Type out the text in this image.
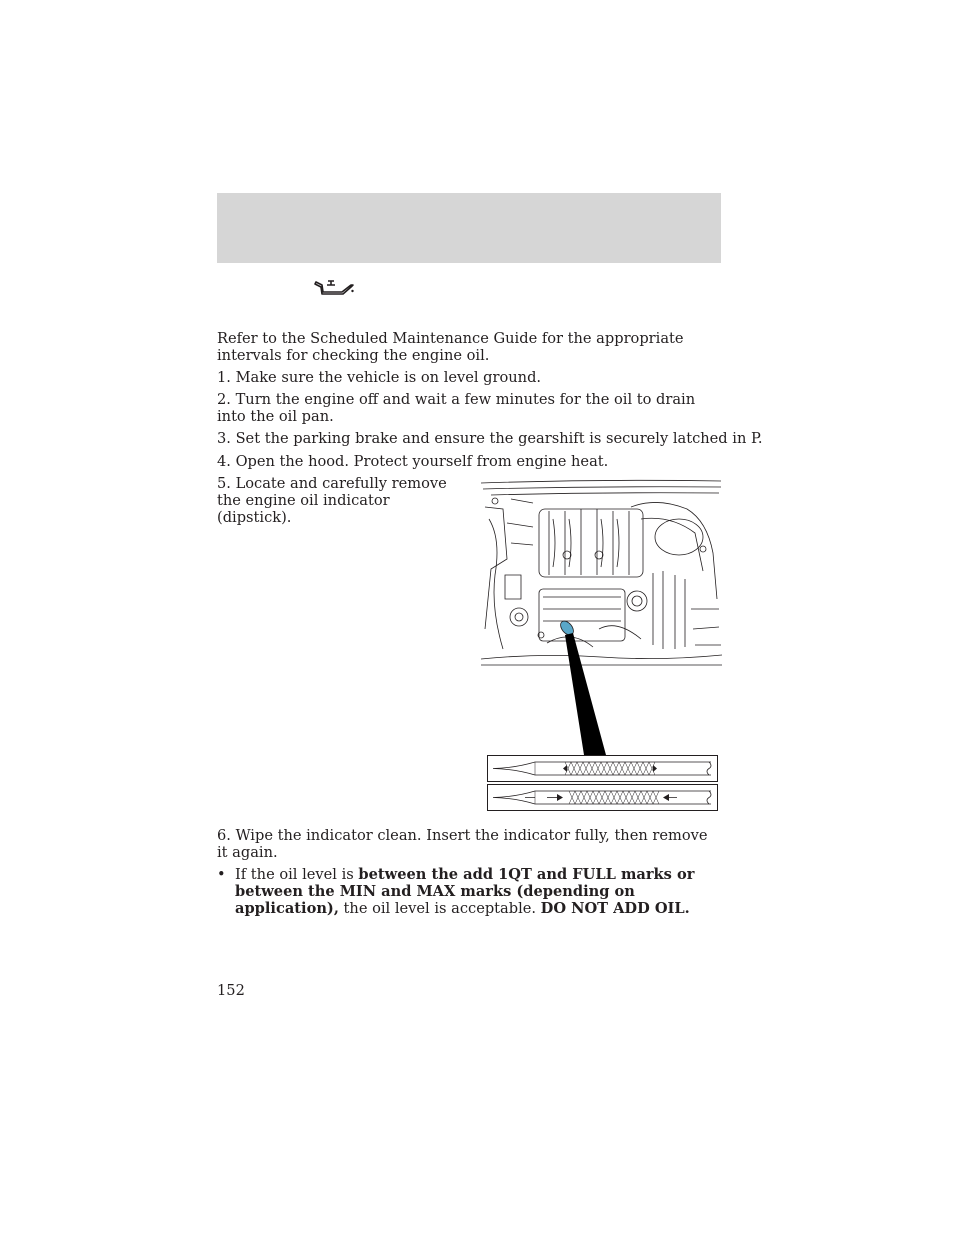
Refer to the Scheduled Maintenance Guide for the appropriate intervals for checking the engine oil.
1. Make sure the vehicle is on level ground.
2. Turn the engine off and wait a few minutes for the oil to drain into the oil pan.
3. Set the parking brake and ensure the gearshift is securely latched in P.
4. Open the hood. Protect yourself from engine heat.
5. Locate and carefully remove the engine oil indicator (dipstick).
6. Wipe the indicator clean. Insert the indicator fully, then remove it again.
• If the oil level is between the add 1QT and FULL marks or between the MIN and MAX marks (depending on application), the oil level is acceptable. DO NOT ADD OIL.
152
